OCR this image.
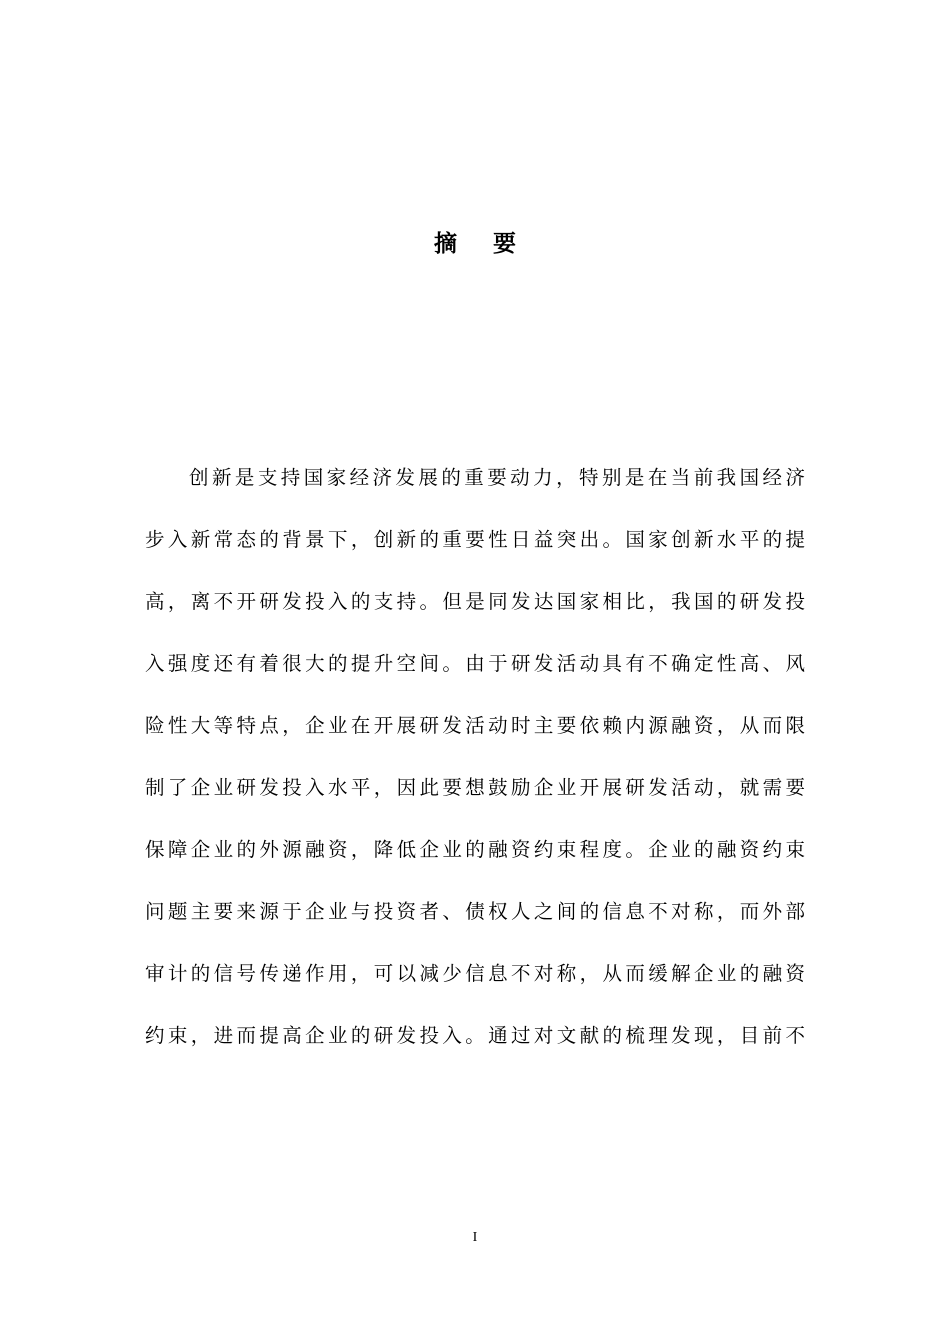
摘 要
创新是支持国家经济发展的重要动力，特别是在当前我国经济
步入新常态的背景下，创新的重要性日益突出。国家创新水平的提
高，离不开研发投入的支持。但是同发达国家相比，我国的研发投
入强度还有着很大的提升空间。由于研发活动具有不确定性高、风
险性大等特点，企业在开展研发活动时主要依赖内源融资，从而限
制了企业研发投入水平，因此要想鼓励企业开展研发活动，就需要
保障企业的外源融资，降低企业的融资约束程度。企业的融资约束
问题主要来源于企业与投资者、债权人之间的信息不对称，而外部
审计的信号传递作用，可以减少信息不对称，从而缓解企业的融资
约束，进而提高企业的研发投入。通过对文献的梳理发现，目前不
I
